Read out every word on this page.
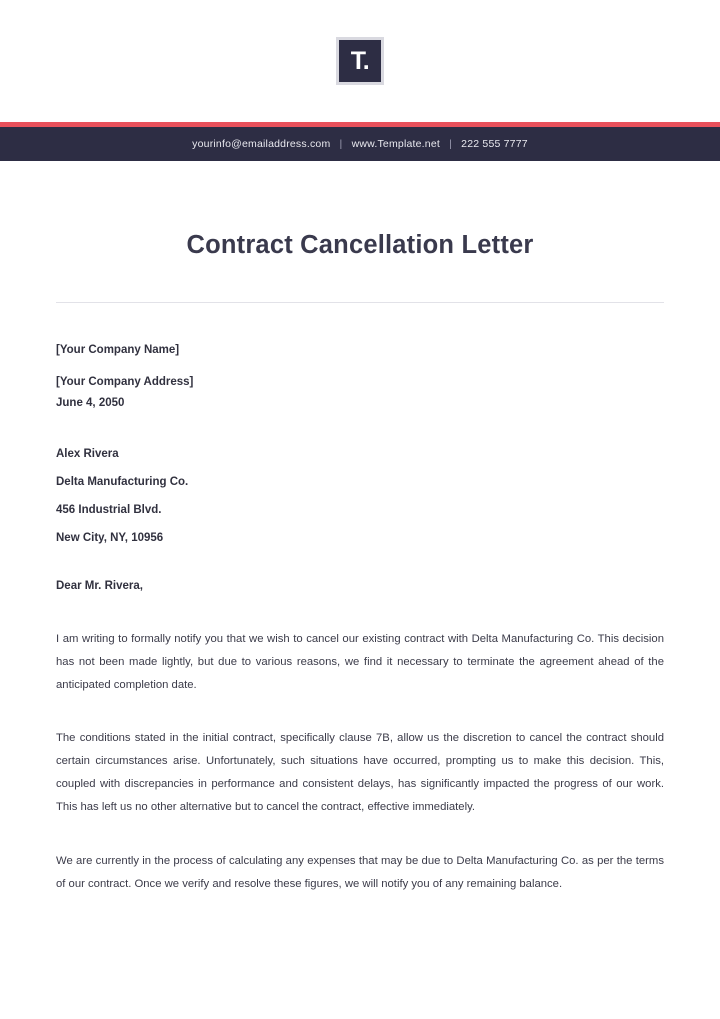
T.
yourinfo@emailaddress.com | www.Template.net | 222 555 7777
Contract Cancellation Letter
[Your Company Name]
[Your Company Address]
June 4, 2050
Alex Rivera
Delta Manufacturing Co.
456 Industrial Blvd.
New City, NY, 10956
Dear Mr. Rivera,

I am writing to formally notify you that we wish to cancel our existing contract with Delta Manufacturing Co. This decision has not been made lightly, but due to various reasons, we find it necessary to terminate the agreement ahead of the anticipated completion date.

The conditions stated in the initial contract, specifically clause 7B, allow us the discretion to cancel the contract should certain circumstances arise. Unfortunately, such situations have occurred, prompting us to make this decision. This, coupled with discrepancies in performance and consistent delays, has significantly impacted the progress of our work. This has left us no other alternative but to cancel the contract, effective immediately.

We are currently in the process of calculating any expenses that may be due to Delta Manufacturing Co. as per the terms of our contract. Once we verify and resolve these figures, we will notify you of any remaining balance.
